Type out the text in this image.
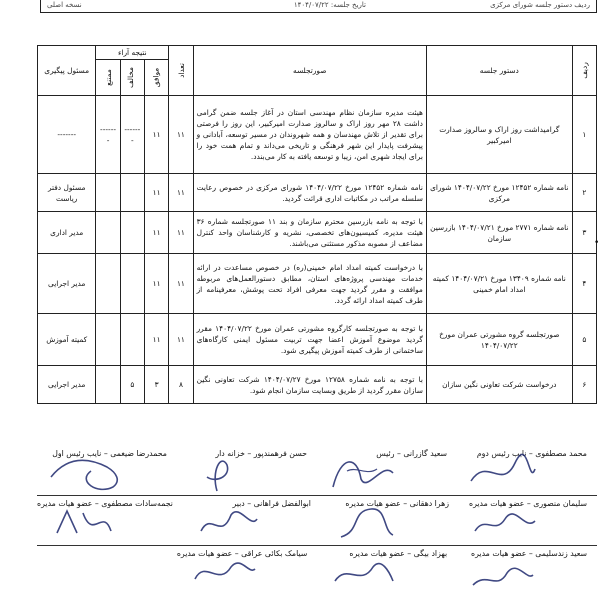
ردیف دستور جلسه شورای مرکزی
تاریخ جلسه: ۱۴۰۴/۰۷/۲۲
نسخه اصلی
ردیف	دستور جلسه	صورتجلسه	تعداد	نتیجه آراء			مسئول پیگیری
				موافق	مخالف	ممتنع	
۱	گرامیداشت روز اراک و سالروز صدارت امیرکبیر	هیئت مدیره سازمان نظام مهندسی استان در آغاز جلسه ضمن گرامی داشت ۲۸ مهر روز اراک و سالروز صدارت امیرکبیر، این روز را فرصتی برای تقدیر از تلاش مهندسان و همه شهروندان در مسیر توسعه، آبادانی و پیشرفت پایدار این شهر فرهنگی و تاریخی می‌داند و تمام همت خود را برای ایجاد شهری امن، زیبا و توسعه یافته به کار می‌بندد.	۱۱	۱۱	-------	-------	-------
۲	نامه شماره ۱۲۴۵۲ مورخ ۱۴۰۴/۰۷/۲۲ شورای مرکزی	نامه شماره ۱۲۴۵۲ مورخ ۱۴۰۴/۰۷/۲۲ شورای مرکزی در خصوص رعایت سلسله مراتب در مکاتبات اداری قرائت گردید.	۱۱	۱۱			مسئول دفتر ریاست
۳	نامه شماره ۲۷۷۱ مورخ ۱۴۰۴/۰۷/۲۱ بازرسین سازمان	با توجه به نامه بازرسین محترم سازمان و بند ۱۱ صورتجلسه شماره ۳۶ هیئت مدیره، کمیسیون‌های تخصصی، نشریه و کارشناسان واحد کنترل مضاعف از مصوبه مذکور مستثنی می‌باشند.	۱۱	۱۱			مدیر اداری
۴	نامه شماره ۱۳۴۰۹ مورخ ۱۴۰۴/۰۷/۲۱ کمیته امداد امام خمینی	با درخواست کمیته امداد امام خمینی(ره) در خصوص مساعدت در ارائه خدمات مهندسی پروژه‌های استان، مطابق دستورالعمل‌های مربوطه موافقت و مقرر گردید جهت معرفی افراد تحت پوشش، معرفینامه از طرف کمیته امداد ارائه گردد.	۱۱	۱۱			مدیر اجرایی
۵	صورتجلسه گروه مشورتی عمران مورخ ۱۴۰۴/۰۷/۲۲	با توجه به صورتجلسه کارگروه مشورتی عمران مورخ ۱۴۰۴/۰۷/۲۲ مقرر گردید موضوع آموزش اعضا جهت تربیت مسئول ایمنی کارگاه‌های ساختمانی از طرف کمیته آموزش پیگیری شود.	۱۱	۱۱			کمیته آموزش
۶	درخواست شرکت تعاونی نگین سازان	با توجه به نامه شماره ۱۲۷۵۸ مورخ ۱۴۰۴/۰۷/۲۷ شرکت تعاونی نگین سازان مقرر گردید از طریق وبسایت سازمان انجام شود.	۸	۳	۵		مدیر اجرایی
•
محمد مصطفوی – نایب رئیس دوم
سعید گازرانی – رئیس
حسن فرهمندپور – خزانه دار
محمدرضا ضیغمی – نایب رئیس اول
سلیمان منصوری – عضو هیات مدیره
زهرا دهقانی – عضو هیات مدیره
ابوالفضل فراهانی – دبیر
نجمه‌سادات مصطفوی – عضو هیات مدیره
سعید زندسلیمی – عضو هیات مدیره
بهزاد بیگی – عضو هیات مدیره
سیامک بکائی عراقی – عضو هیات مدیره
